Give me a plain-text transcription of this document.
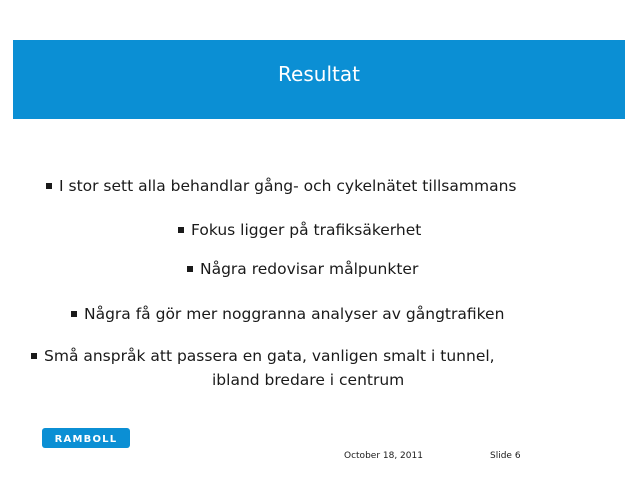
Resultat
I stor sett alla behandlar gång- och cykelnätet tillsammans
Fokus ligger på trafiksäkerhet
Några redovisar målpunkter
Några få gör mer noggranna analyser av gångtrafiken
Små anspråk att passera en gata, vanligen smalt i tunnel,
ibland bredare i centrum
RAMBOLL
October 18, 2011	Slide 6
